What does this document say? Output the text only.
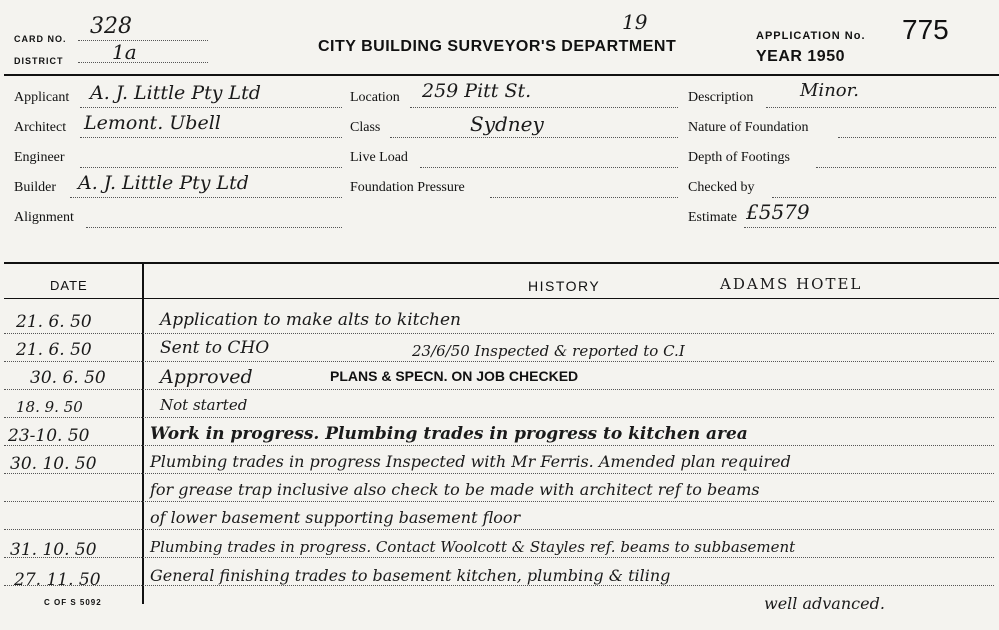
CARD NO. 328
DISTRICT 1a	CITY BUILDING SURVEYOR'S DEPARTMENT
19
APPLICATION No. 775
YEAR 1950
Applicant A. J. Little Pty Ltd
Architect Lemont. Ubell
Engineer
Builder A. J. Little Pty Ltd
Alignment
Location 259 Pitt St.
Class	Sydney
Live Load
Foundation Pressure
Description	Minor.
Nature of Foundation
Depth of Footings
Checked by
Estimate £5579
DATE	HISTORY	ADAMS HOTEL
21. 6. 50	Application to make alts to kitchen
21. 6. 50	Sent to CHO	23/6/50 Inspected & reported to C.I
30. 6. 50	Approved	PLANS & SPECN. ON JOB CHECKED
18. 9. 50	Not started
23-10. 50	Work in progress. Plumbing trades in progress to kitchen area
30. 10. 50	Plumbing trades in progress Inspected with Mr Ferris. Amended plan required
for grease trap inclusive also check to be made with architect ref to beams
of lower basement supporting basement floor
31. 10. 50	Plumbing trades in progress. Contact Woolcott & Stayles ref. beams to subbasement
27. 11. 50	General finishing trades to basement kitchen, plumbing & tiling
well advanced.
C OF S 5092
